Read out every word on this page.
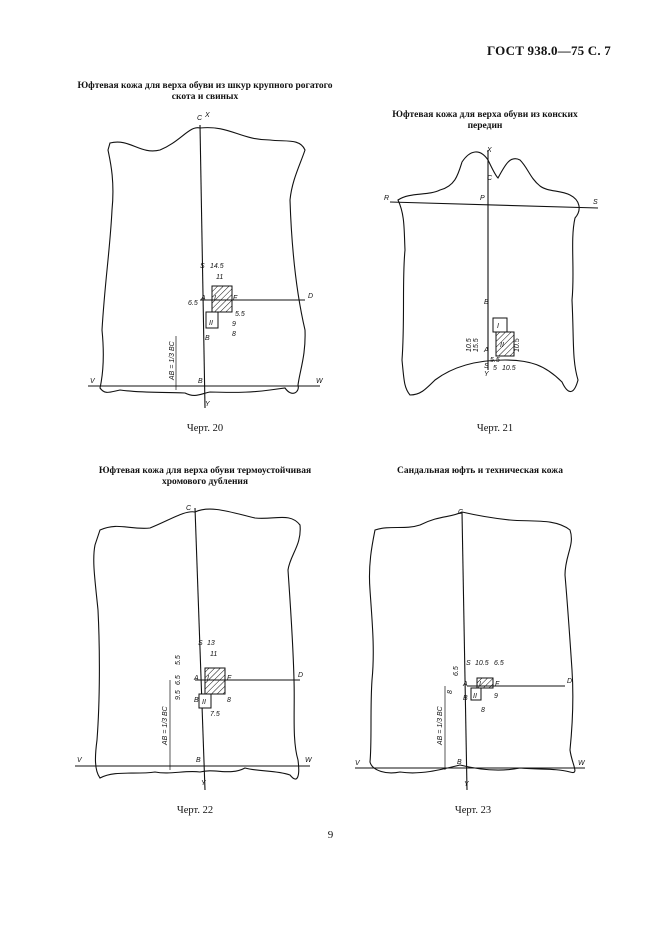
ГОСТ 938.0—75 С. 7
Юфтевая кожа для верха обуви из шкур крупного рогатого
скота и свиных
Юфтевая кожа для верха обуви из конских
передин
Юфтевая кожа для верха обуви термоустойчивая
хромового дубления
Сандальная юфть и техническая кожа
C X
D
V	W
B
Y
S
A	F
B
I
II
14.5
11
6.5
5.5
9
8
AB = 1/3 BC
X
C
R	P
S
B
A
S
Y
I
II
10.5 15.5
5.5
10.5
5 10.5
C
D
V	W
B
Y
S
A	F
B
I
II
13
11
5.5
6.5
9.5
8
7.5
AB = 1/3 BC
C
D
V	W
B
Y
S
A	F
B
I
II
10.5 6.5
6.5
8
9
8
AB = 1/3 BC
Черт. 20	Черт. 21
Черт. 22	Черт. 23
9
